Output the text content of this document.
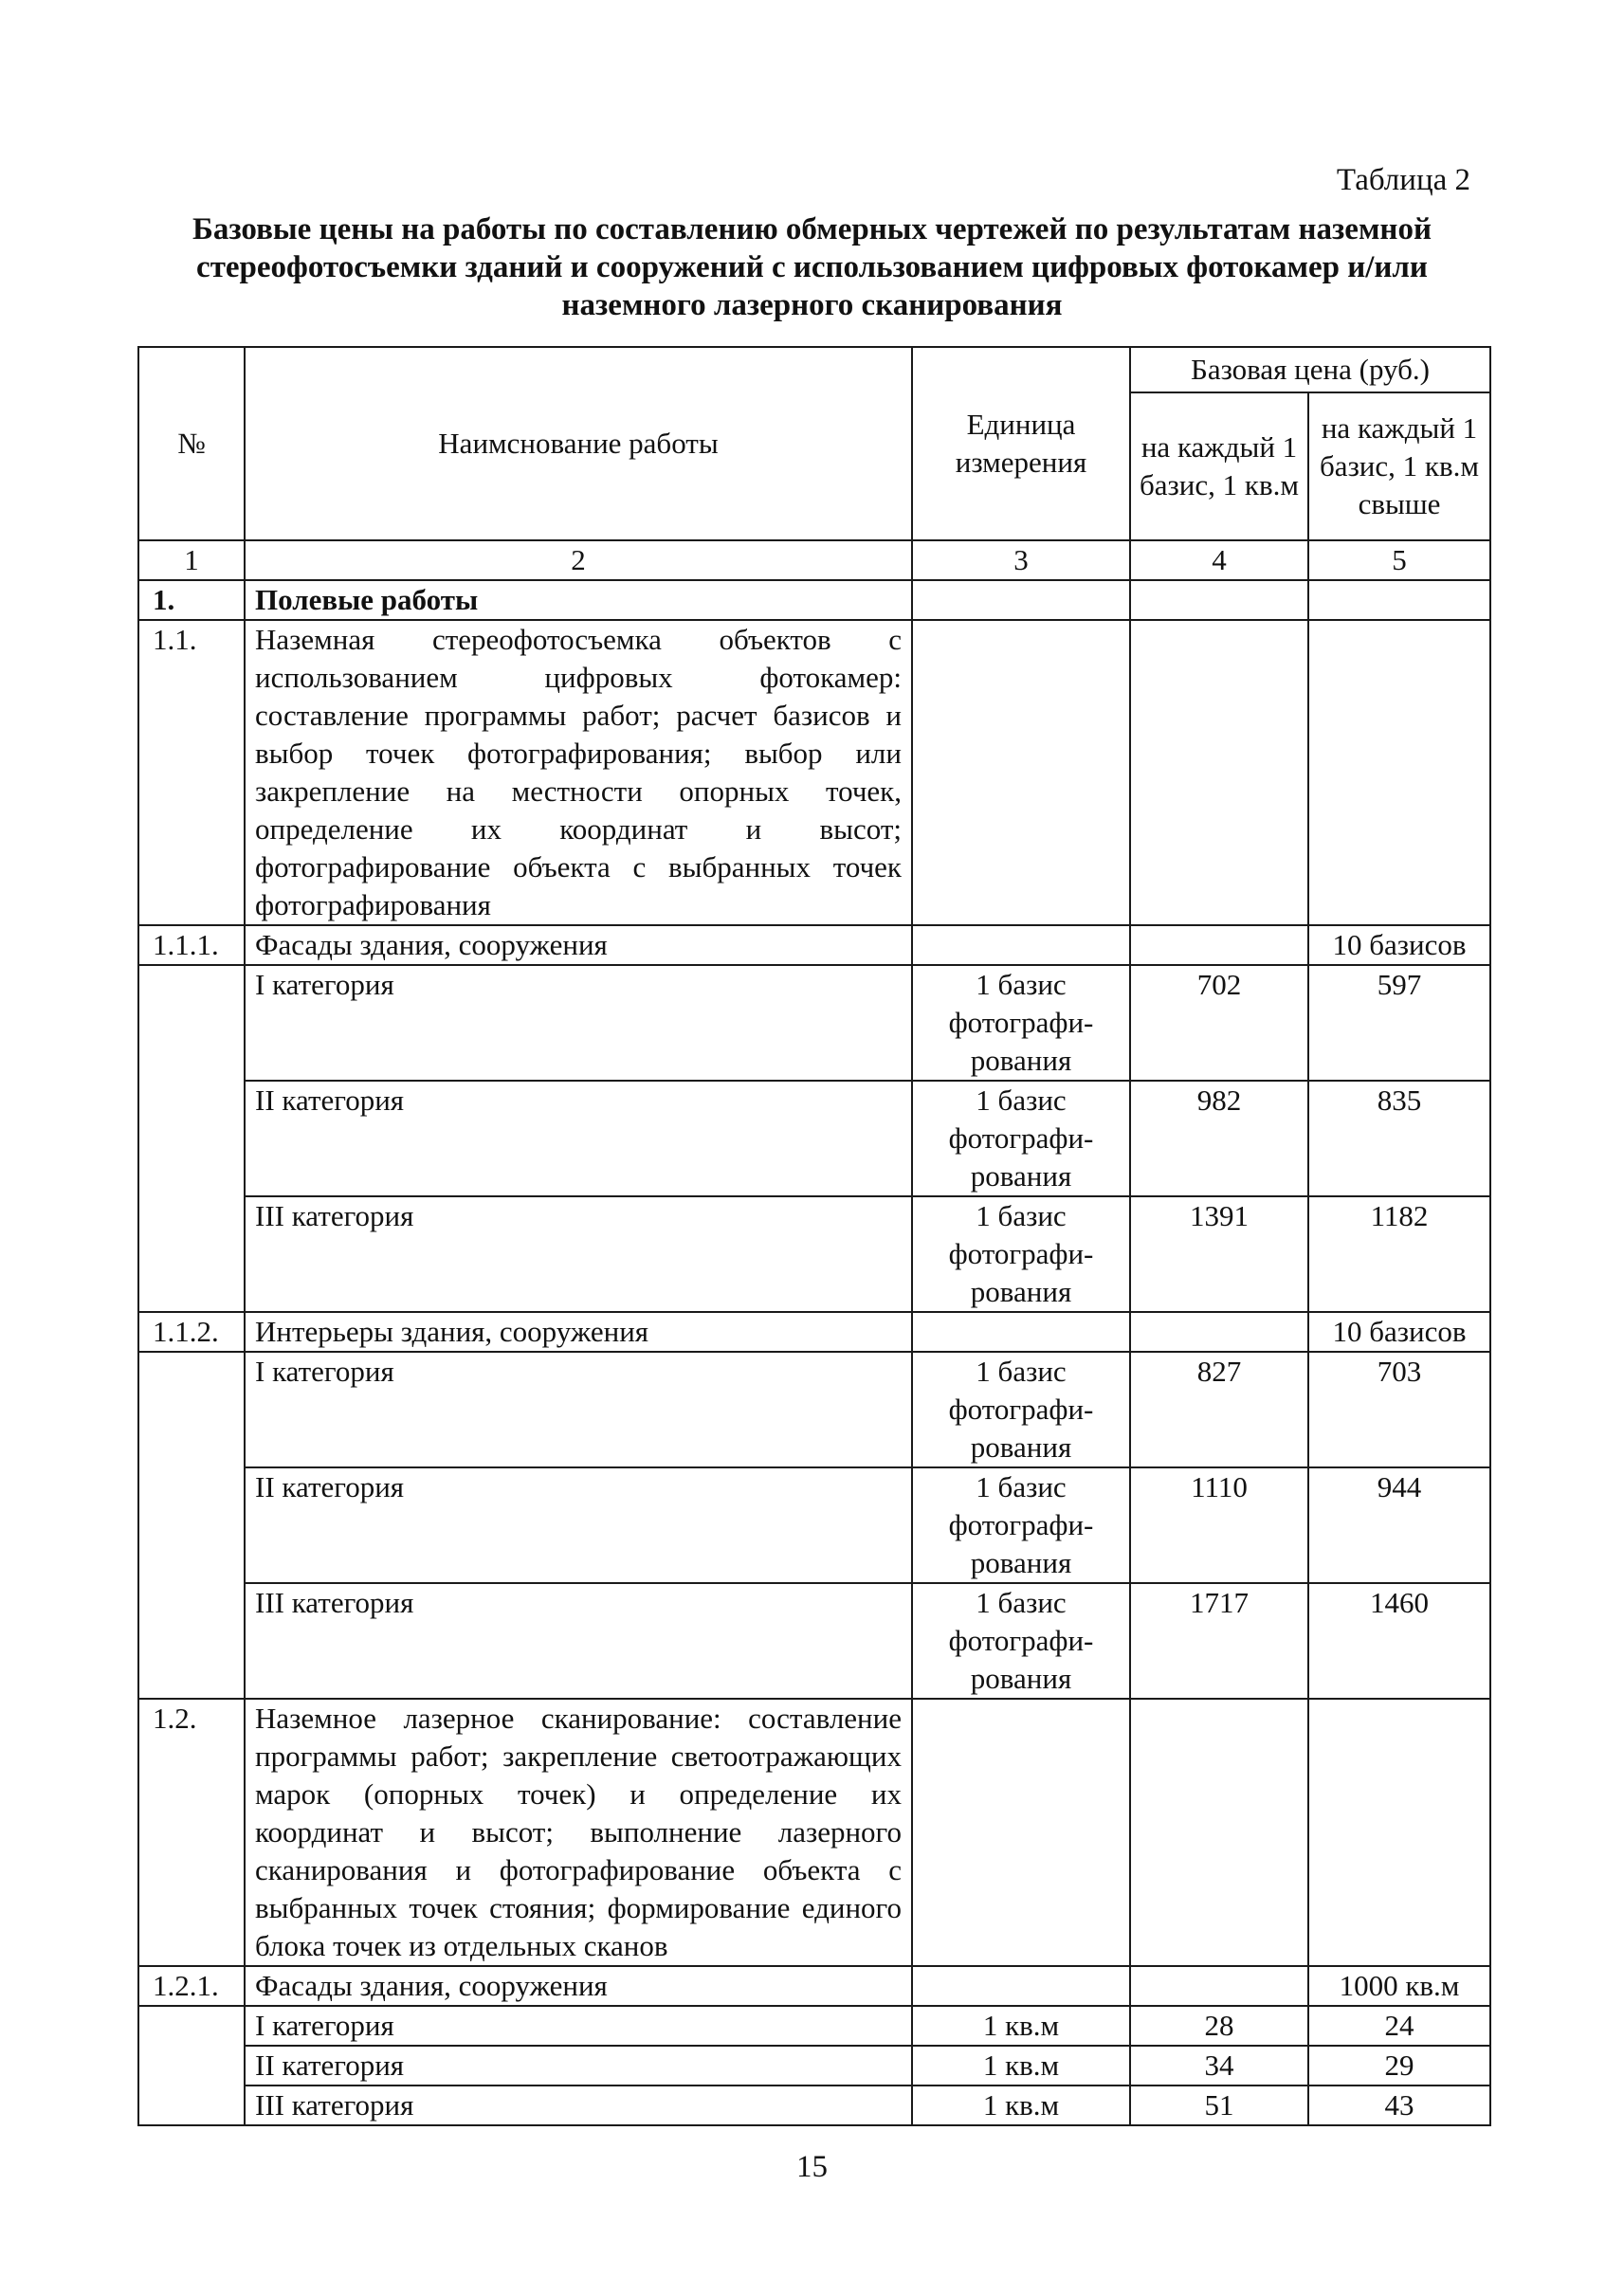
Таблица 2
Базовые цены на работы по составлению обмерных чертежей по результатам наземной стереофотосъемки зданий и сооружений с использованием цифровых фотокамер и/или наземного лазерного сканирования
№	Наимснование работы	Единица измерения	Базовая цена (руб.)	
			на каждый 1 базис, 1 кв.м	на каждый 1 базис, 1 кв.м свыше
1	2	3	4	5
1.	Полевые работы			
1.1.	Наземная стереофотосъемка объектов с использованием цифровых фотокамер: составление программы работ; расчет базисов и выбор точек фотографирования; выбор или закрепление на местности опорных точек, определение их координат и высот; фотографирование объекта с выбранных точек фотографирования			
1.1.1.	Фасады здания, сооружения			10 базисов
	I категория	1 базис фотографи-рования	702	597
	II категория	1 базис фотографи-рования	982	835
	III категория	1 базис фотографи-рования	1391	1182
1.1.2.	Интерьеры здания, сооружения			10 базисов
	I категория	1 базис фотографи-рования	827	703
	II категория	1 базис фотографи-рования	1110	944
	III категория	1 базис фотографи-рования	1717	1460
1.2.	Наземное лазерное сканирование: составление программы работ; закрепление светоотражающих марок (опорных точек) и определение их координат и высот; выполнение лазерного сканирования и фотографирование объекта с выбранных точек стояния; формирование единого блока точек из отдельных сканов			
1.2.1.	Фасады здания, сооружения			1000 кв.м
	I категория	1 кв.м	28	24
	II категория	1 кв.м	34	29
	III категория	1 кв.м	51	43
15
